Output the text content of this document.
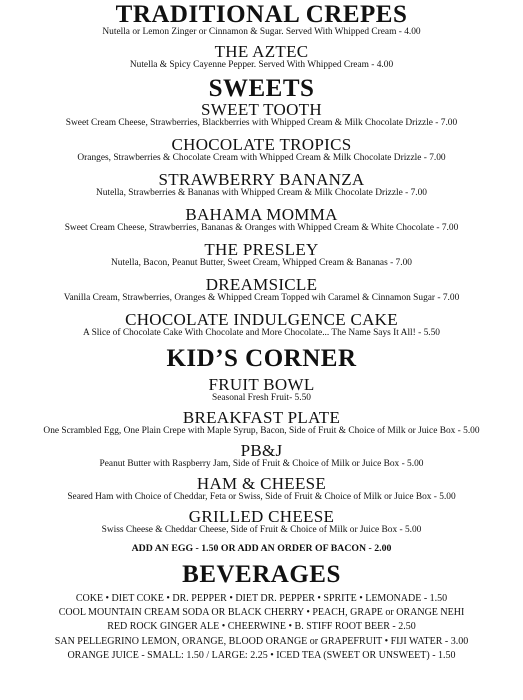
TRADITIONAL CREPES

Nutella or Lemon Zinger or Cinnamon & Sugar. Served With Whipped Cream - 4.00

THE AZTEC

Nutella & Spicy Cayenne Pepper. Served With Whipped Cream - 4.00

SWEETS

SWEET TOOTH

Sweet Cream Cheese, Strawberries, Blackberries with Whipped Cream & Milk Chocolate Drizzle - 7.00

CHOCOLATE TROPICS

Oranges, Strawberries & Chocolate Cream with Whipped Cream & Milk Chocolate Drizzle - 7.00

STRAWBERRY BANANZA

Nutella, Strawberries & Bananas with Whipped Cream & Milk Chocolate Drizzle - 7.00

BAHAMA MOMMA

Sweet Cream Cheese, Strawberries, Bananas & Oranges with Whipped Cream & White Chocolate - 7.00

THE PRESLEY

Nutella, Bacon, Peanut Butter, Sweet Cream, Whipped Cream & Bananas - 7.00

DREAMSICLE

Vanilla Cream, Strawberries, Oranges & Whipped Cream Topped wih Caramel & Cinnamon Sugar - 7.00

CHOCOLATE INDULGENCE CAKE

A Slice of Chocolate Cake With Chocolate and More Chocolate... The Name Says It All! - 5.50

KID’S CORNER

FRUIT BOWL

Seasonal Fresh Fruit- 5.50

BREAKFAST PLATE

One Scrambled Egg, One Plain Crepe with Maple Syrup, Bacon, Side of Fruit & Choice of Milk or Juice Box - 5.00

PB&J

Peanut Butter with Raspberry Jam, Side of Fruit & Choice of Milk or Juice Box - 5.00

HAM & CHEESE

Seared Ham with Choice of Cheddar, Feta or Swiss, Side of Fruit & Choice of Milk or Juice Box - 5.00

GRILLED CHEESE

Swiss Cheese & Cheddar Cheese, Side of Fruit & Choice of Milk or Juice Box - 5.00

ADD AN EGG - 1.50 OR ADD AN ORDER OF BACON - 2.00

BEVERAGES

COKE • DIET COKE • DR. PEPPER • DIET DR. PEPPER • SPRITE • LEMONADE - 1.50

COOL MOUNTAIN CREAM SODA OR BLACK CHERRY • PEACH, GRAPE or ORANGE NEHI

RED ROCK GINGER ALE • CHEERWINE • B. STIFF ROOT BEER - 2.50

SAN PELLEGRINO LEMON, ORANGE, BLOOD ORANGE or GRAPEFRUIT • FIJI WATER - 3.00

ORANGE JUICE - SMALL: 1.50 / LARGE: 2.25 • ICED TEA (SWEET OR UNSWEET) - 1.50
